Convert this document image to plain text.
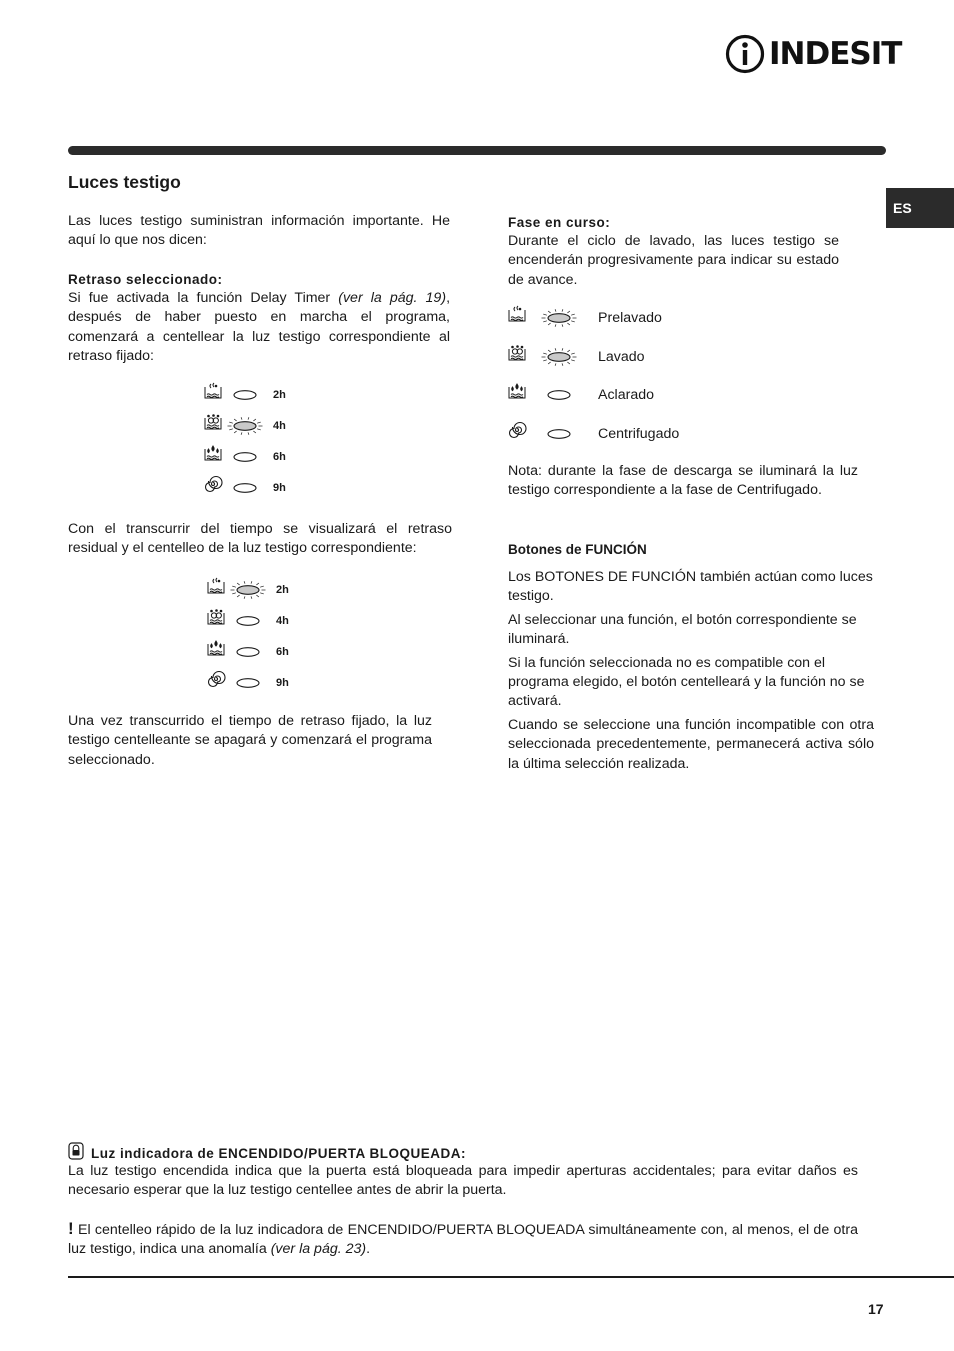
INDESIT
Luces testigo
ES
Las luces testigo suministran información importante. He aquí lo que nos dicen:
Retraso seleccionado:
Si fue activada la función Delay Timer (ver la pág. 19), después de haber puesto en marcha el programa, comenzará a centellear la luz testigo correspondiente al retraso fijado:
2h
4h
6h
9h
Con el transcurrir del tiempo se visualizará el retraso residual y el centelleo de la luz testigo correspondiente:
2h
4h
6h
9h
Una vez transcurrido el tiempo de retraso fijado, la luz testigo centelleante se apagará y comenzará el programa seleccionado.
Fase en curso:
Durante el ciclo de lavado, las luces testigo se encenderán progresivamente para indicar su estado de avance.
Prelavado
Lavado
Aclarado
Centrifugado
Nota: durante la fase de descarga se iluminará la luz testigo correspondiente a la fase de Centrifugado.
Botones de FUNCIÓN

Los BOTONES DE FUNCIÓN también actúan como luces testigo.

Al seleccionar una función, el botón correspondiente se iluminará.

Si la función seleccionada no es compatible con el programa elegido, el botón centelleará y la función no se activará.

Cuando se seleccione una función incompatible con otra seleccionada precedentemente, permanecerá activa sólo la última selección realizada.

Luz indicadora de ENCENDIDO/PUERTA BLOQUEADA:
La luz testigo encendida indica que la puerta está bloqueada para impedir aperturas accidentales; para evitar daños es necesario esperar que la luz testigo centellee antes de abrir la puerta.
! El centelleo rápido de la luz indicadora de ENCENDIDO/PUERTA BLOQUEADA simultáneamente con, al menos, el de otra luz testigo, indica una anomalía (ver la pág. 23).
17
